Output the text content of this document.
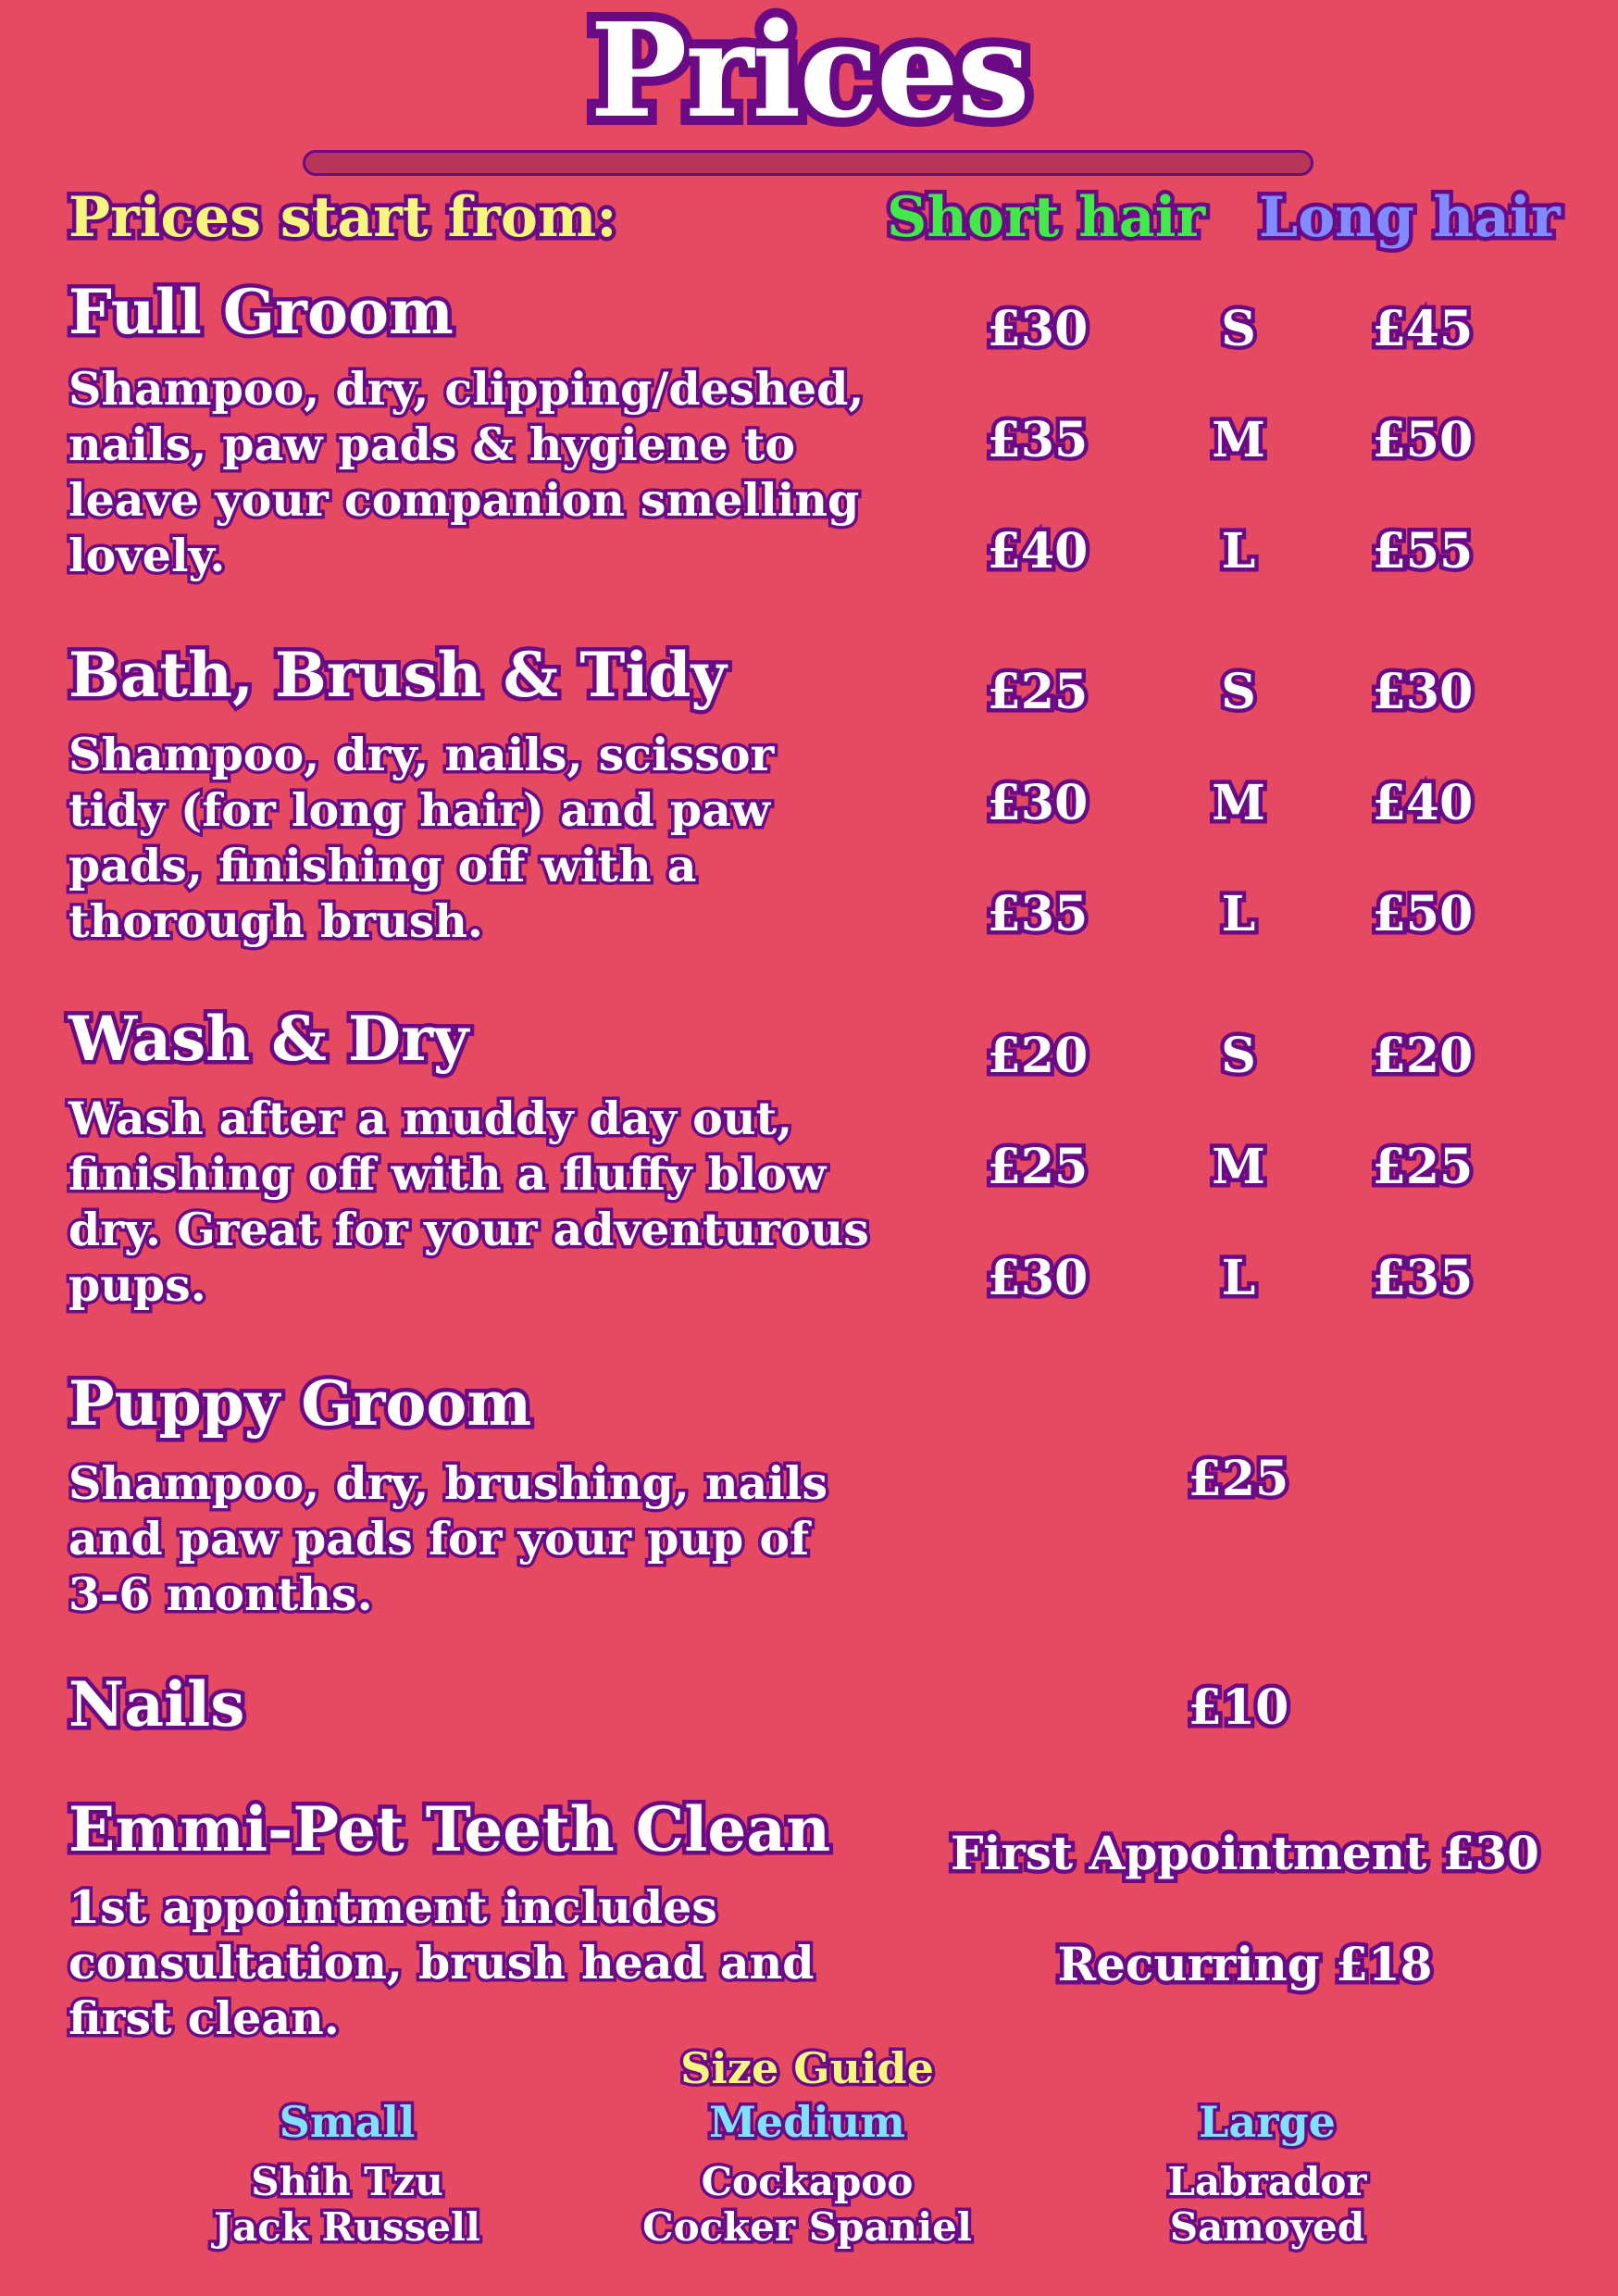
Prices
Prices start from:	Short hair Long hair
Full Groom
Shampoo, dry, clipping/deshed, nails, paw pads & hygiene to leave your companion smelling lovely.
£30	S	£45
£35	M	£50
£40	L	£55
Bath, Brush & Tidy
Shampoo, dry, nails, scissor tidy (for long hair) and paw pads, finishing off with a thorough brush.
£25	S	£30
£30	M	£40
£35	L	£50
Wash & Dry
Wash after a muddy day out, finishing off with a fluffy blow dry. Great for your adventurous pups.
£20	S	£20
£25	M	£25
£30	L	£35
Puppy Groom
Shampoo, dry, brushing, nails and paw pads for your pup of 3-6 months.
£25
Nails	£10
Emmi-Pet Teeth Clean
1st appointment includes consultation, brush head and first clean.
First Appointment £30
Recurring £18
Size Guide
Small
Shih Tzu
Jack Russell
Medium
Cockapoo
Cocker Spaniel
Large
Labrador
Samoyed
